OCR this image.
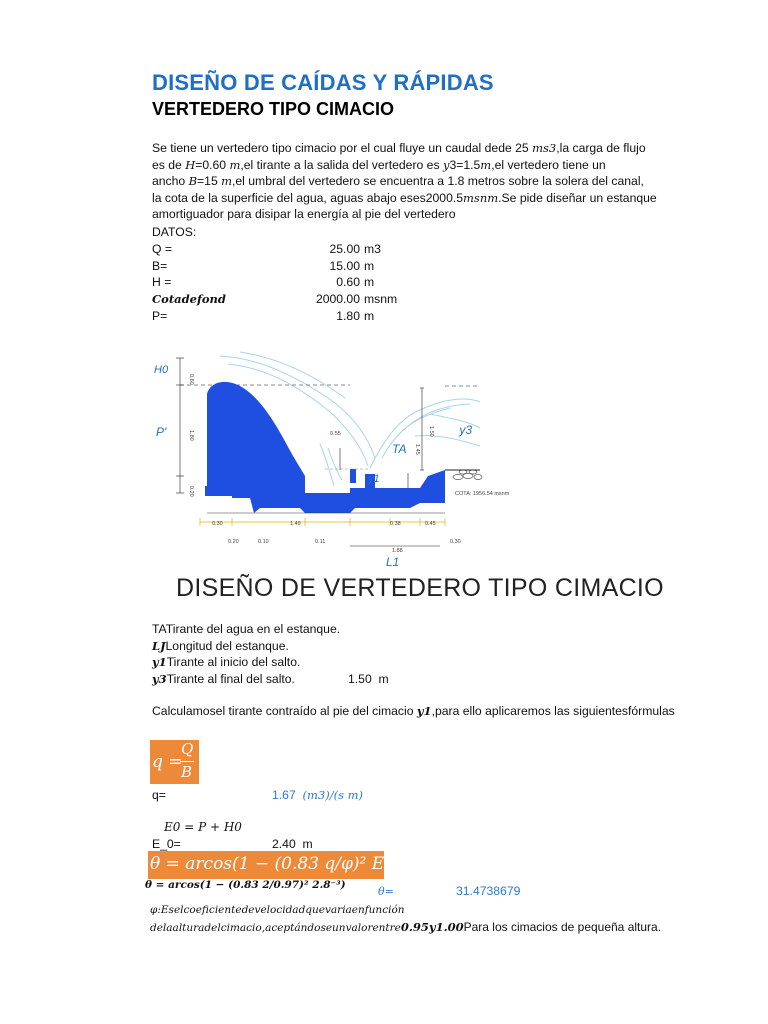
DISEÑO DE CAÍDAS Y RÁPIDAS
VERTEDERO TIPO CIMACIO
Se tiene un vertedero tipo cimacio por el cual fluye un caudal dede 25 ms3,la carga de flujo
es de H=0.60 m,el tirante a la salida del vertedero es y3=1.5m,el vertedero tiene un
ancho B=15 m,el umbral del vertedero se encuentra a 1.8 metros sobre la solera del canal,
la cota de la superficie del agua, aguas abajo eses2000.5msnm.Se pide diseñar un estanque
amortiguador para disipar la energía al pie del vertedero
DATOS:
Q =	25.00 m3
B=	15.00 m
H =	0.60 m
Cotadefond	2000.00 msnm
P=	1.80 m
H0
P'
TA
y1
y3
L1
0.60
1.80
0.20
0.55	1.50
1.45
1.88
COTA: 1956.54 msnm
0.30	1.49	0.38	0.45
0.20	0.10	0.11	0.30
DISEÑO DE VERTEDERO TIPO CIMACIO
TATirante del agua en el estanque.
LJLongitud del estanque.
y1Tirante al inicio del salto.
y3Tirante al final del salto.	1.50 m
Calculamosel tirante contraído al pie del cimacio y1,para ello aplicaremos las siguientesfórmulas
q =
Q
B
q=	1.67 (m3)/(s m)
E0 = P + H0
E_0=	2.40 m
θ = arcos(1 − (0.83 q/φ)² E0⁻³ )
θ = arcos(1 − (0.83 2/0.97)² 2.8⁻³)	θ=	31.4738679
φ:Eselcoeficientedevelocidadquevariaenfunción
delaalturadelcimacio,aceptándoseunvalorentre0.95y1.00Para los cimacios de pequeña altura.
